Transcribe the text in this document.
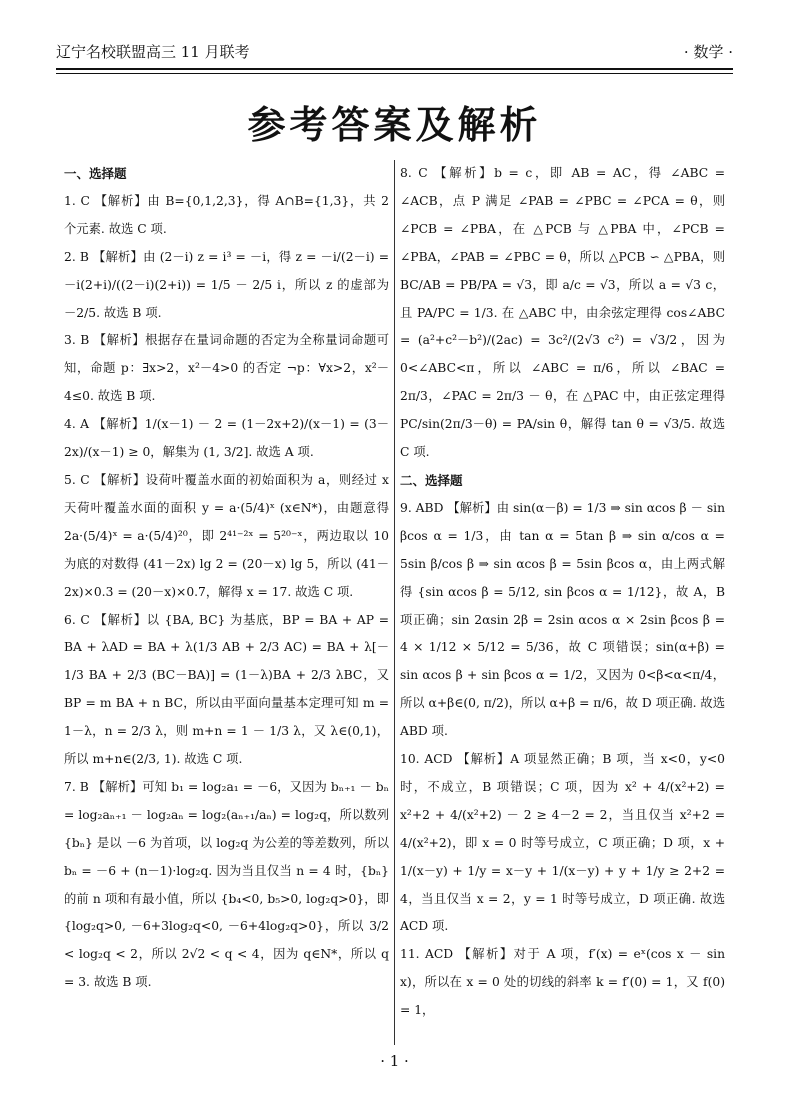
辽宁名校联盟高三 11 月联考	· 数学 ·
参考答案及解析
一、选择题
1. C 【解析】由 B={0,1,2,3}，得 A∩B={1,3}，共 2 个元素. 故选 C 项.
2. B 【解析】由 (2－i) z = i³ = －i，得 z = －i/(2－i) = －i(2+i)/((2－i)(2+i)) = 1/5 － 2/5 i，所以 z 的虚部为 －2/5. 故选 B 项.
3. B 【解析】根据存在量词命题的否定为全称量词命题可知，命题 p：∃x>2，x²－4>0 的否定 ¬p：∀x>2，x²－4≤0. 故选 B 项.
4. A 【解析】1/(x－1) － 2 = (1－2x+2)/(x－1) = (3－2x)/(x－1) ≥ 0，解集为 (1, 3/2]. 故选 A 项.
5. C 【解析】设荷叶覆盖水面的初始面积为 a，则经过 x 天荷叶覆盖水面的面积 y = a·(5/4)ˣ (x∈N*)，由题意得 2a·(5/4)ˣ = a·(5/4)²⁰，即 2⁴¹⁻²ˣ = 5²⁰⁻ˣ，两边取以 10 为底的对数得 (41－2x) lg 2 = (20－x) lg 5，所以 (41－2x)×0.3 = (20－x)×0.7，解得 x = 17. 故选 C 项.
6. C 【解析】以 {BA, BC} 为基底，BP = BA + AP = BA + λAD = BA + λ(1/3 AB + 2/3 AC) = BA + λ[－1/3 BA + 2/3 (BC－BA)] = (1－λ)BA + 2/3 λBC，又 BP = m BA + n BC，所以由平面向量基本定理可知 m = 1－λ，n = 2/3 λ，则 m+n = 1 － 1/3 λ，又 λ∈(0,1)，所以 m+n∈(2/3, 1). 故选 C 项.
7. B 【解析】可知 b₁ = log₂a₁ = －6，又因为 bₙ₊₁ － bₙ = log₂aₙ₊₁ － log₂aₙ = log₂(aₙ₊₁/aₙ) = log₂q，所以数列 {bₙ} 是以 －6 为首项，以 log₂q 为公差的等差数列，所以 bₙ = －6 + (n－1)·log₂q. 因为当且仅当 n = 4 时，{bₙ} 的前 n 项和有最小值，所以 {b₄<0, b₅>0, log₂q>0}，即 {log₂q>0, －6+3log₂q<0, －6+4log₂q>0}，所以 3/2 < log₂q < 2，所以 2√2 < q < 4，因为 q∈N*，所以 q = 3. 故选 B 项.
8. C 【解析】b = c，即 AB = AC，得 ∠ABC = ∠ACB，点 P 满足 ∠PAB = ∠PBC = ∠PCA = θ，则 ∠PCB = ∠PBA，在 △PCB 与 △PBA 中，∠PCB = ∠PBA，∠PAB = ∠PBC = θ，所以 △PCB ∽ △PBA，则 BC/AB = PB/PA = √3，即 a/c = √3，所以 a = √3 c，且 PA/PC = 1/3. 在 △ABC 中，由余弦定理得 cos∠ABC = (a²+c²－b²)/(2ac) = 3c²/(2√3 c²) = √3/2，因为 0<∠ABC<π，所以 ∠ABC = π/6，所以 ∠BAC = 2π/3，∠PAC = 2π/3 － θ，在 △PAC 中，由正弦定理得 PC/sin(2π/3－θ) = PA/sin θ，解得 tan θ = √3/5. 故选 C 项.
二、选择题
9. ABD 【解析】由 sin(α－β) = 1/3 ⇒ sin αcos β － sin βcos α = 1/3，由 tan α = 5tan β ⇒ sin α/cos α = 5sin β/cos β ⇒ sin αcos β = 5sin βcos α，由上两式解得 {sin αcos β = 5/12, sin βcos α = 1/12}，故 A，B 项正确；sin 2αsin 2β = 2sin αcos α × 2sin βcos β = 4 × 1/12 × 5/12 = 5/36，故 C 项错误；sin(α+β) = sin αcos β + sin βcos α = 1/2，又因为 0<β<α<π/4，所以 α+β∈(0, π/2)，所以 α+β = π/6，故 D 项正确. 故选 ABD 项.
10. ACD 【解析】A 项显然正确；B 项，当 x<0，y<0 时，不成立，B 项错误；C 项，因为 x² + 4/(x²+2) = x²+2 + 4/(x²+2) － 2 ≥ 4－2 = 2，当且仅当 x²+2 = 4/(x²+2)，即 x = 0 时等号成立，C 项正确；D 项，x + 1/(x－y) + 1/y = x－y + 1/(x－y) + y + 1/y ≥ 2+2 = 4，当且仅当 x = 2，y = 1 时等号成立，D 项正确. 故选 ACD 项.
11. ACD 【解析】对于 A 项，f′(x) = eˣ(cos x － sin x)，所以在 x = 0 处的切线的斜率 k = f′(0) = 1，又 f(0) = 1，
· 1 ·
